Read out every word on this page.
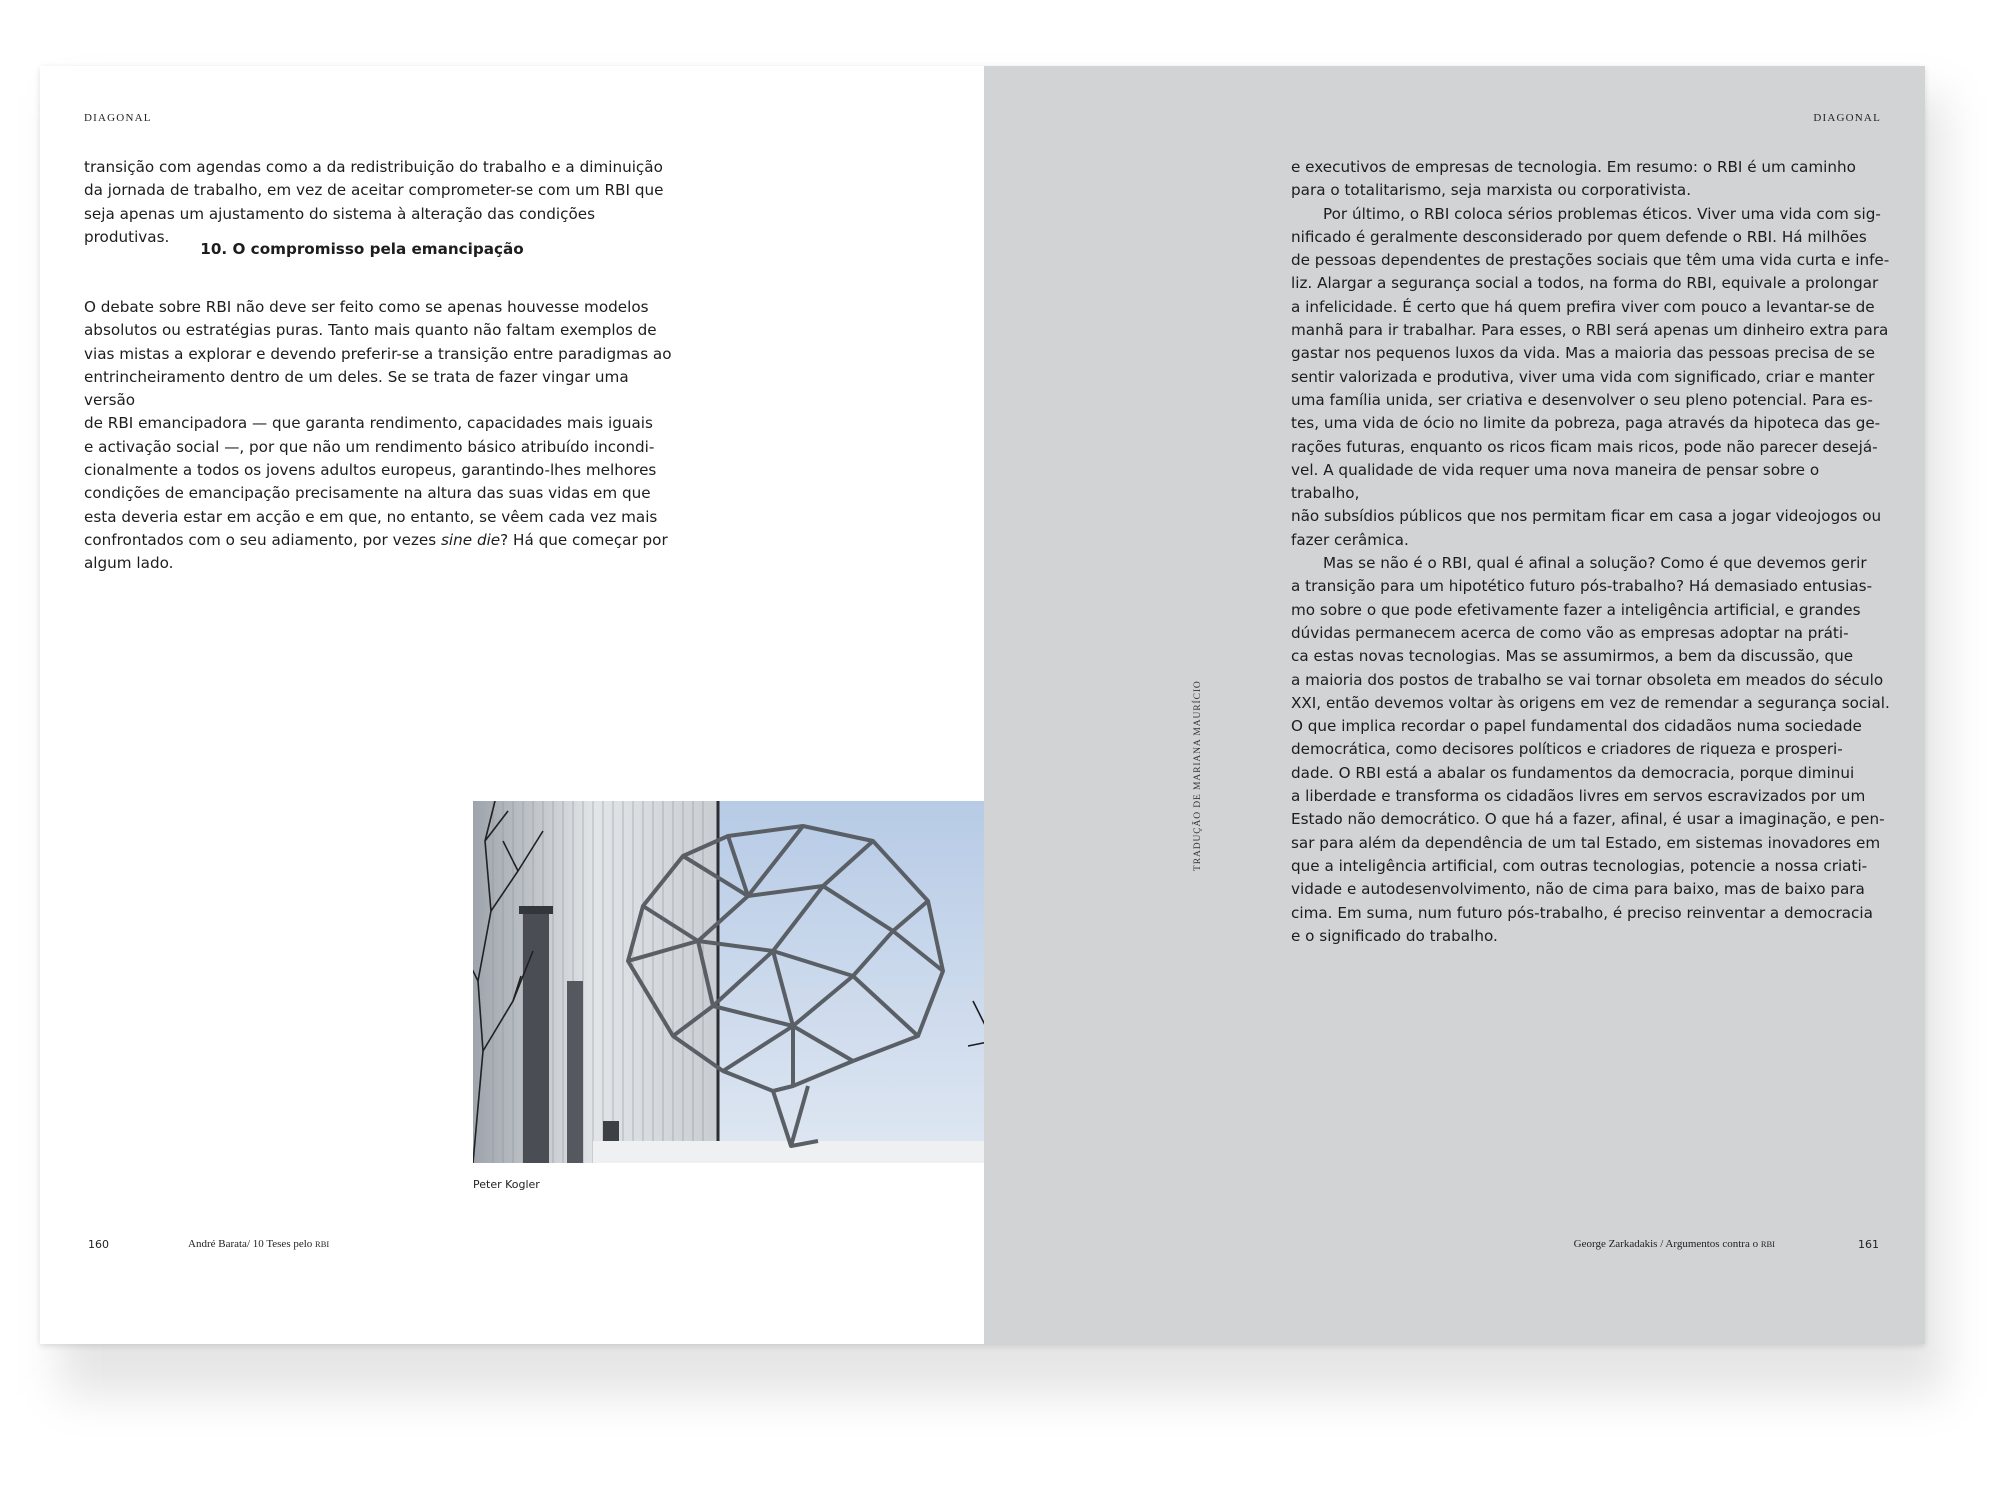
DIAGONAL

transição com agendas como a da redistribuição do trabalho e a diminuição

da jornada de trabalho, em vez de aceitar comprometer-se com um RBI que

seja apenas um ajustamento do sistema à alteração das condições produtivas.

10. O compromisso pela emancipação

O debate sobre RBI não deve ser feito como se apenas houvesse modelos

absolutos ou estratégias puras. Tanto mais quanto não faltam exemplos de

vias mistas a explorar e devendo preferir-se a transição entre paradigmas ao

entrincheiramento dentro de um deles. Se se trata de fazer vingar uma versão

de RBI emancipadora — que garanta rendimento, capacidades mais iguais

e activação social —, por que não um rendimento básico atribuído incondi-

cionalmente a todos os jovens adultos europeus, garantindo-lhes melhores

condições de emancipação precisamente na altura das suas vidas em que

esta deveria estar em acção e em que, no entanto, se vêem cada vez mais

confrontados com o seu adiamento, por vezes sine die? Há que começar por

algum lado.

Peter Kogler
160	André Barata/ 10 Teses pelo RBI
DIAGONAL
TRADUÇÃO DE MARIANA MAURÍCIO

e executivos de empresas de tecnologia. Em resumo: o RBI é um caminho

para o totalitarismo, seja marxista ou corporativista.

Por último, o RBI coloca sérios problemas éticos. Viver uma vida com sig-

nificado é geralmente desconsiderado por quem defende o RBI. Há milhões

de pessoas dependentes de prestações sociais que têm uma vida curta e infe-

liz. Alargar a segurança social a todos, na forma do RBI, equivale a prolongar

a infelicidade. É certo que há quem prefira viver com pouco a levantar-se de

manhã para ir trabalhar. Para esses, o RBI será apenas um dinheiro extra para

gastar nos pequenos luxos da vida. Mas a maioria das pessoas precisa de se

sentir valorizada e produtiva, viver uma vida com significado, criar e manter

uma família unida, ser criativa e desenvolver o seu pleno potencial. Para es-

tes, uma vida de ócio no limite da pobreza, paga através da hipoteca das ge-

rações futuras, enquanto os ricos ficam mais ricos, pode não parecer desejá-

vel. A qualidade de vida requer uma nova maneira de pensar sobre o trabalho,

não subsídios públicos que nos permitam ficar em casa a jogar videojogos ou

fazer cerâmica.

Mas se não é o RBI, qual é afinal a solução? Como é que devemos gerir

a transição para um hipotético futuro pós-trabalho? Há demasiado entusias-

mo sobre o que pode efetivamente fazer a inteligência artificial, e grandes

dúvidas permanecem acerca de como vão as empresas adoptar na práti-

ca estas novas tecnologias. Mas se assumirmos, a bem da discussão, que

a maioria dos postos de trabalho se vai tornar obsoleta em meados do século

XXI, então devemos voltar às origens em vez de remendar a segurança social.

O que implica recordar o papel fundamental dos cidadãos numa sociedade

democrática, como decisores políticos e criadores de riqueza e prosperi-

dade. O RBI está a abalar os fundamentos da democracia, porque diminui

a liberdade e transforma os cidadãos livres em servos escravizados por um

Estado não democrático. O que há a fazer, afinal, é usar a imaginação, e pen-

sar para além da dependência de um tal Estado, em sistemas inovadores em

que a inteligência artificial, com outras tecnologias, potencie a nossa criati-

vidade e autodesenvolvimento, não de cima para baixo, mas de baixo para

cima. Em suma, num futuro pós-trabalho, é preciso reinventar a democracia

e o significado do trabalho.

George Zarkadakis / Argumentos contra o RBI	161
